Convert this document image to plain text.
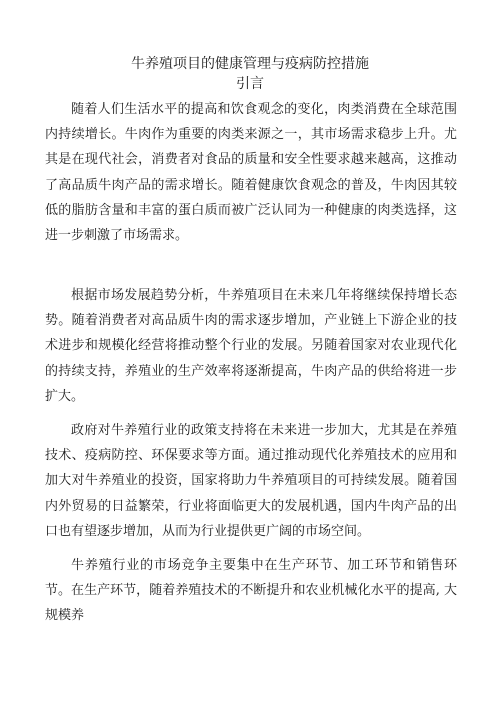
牛养殖项目的健康管理与疫病防控措施
引言

随着人们生活水平的提高和饮食观念的变化，肉类消费在全球范围内持续增长。牛肉作为重要的肉类来源之一，其市场需求稳步上升。尤其是在现代社会，消费者对食品的质量和安全性要求越来越高，这推动了高品质牛肉产品的需求增长。随着健康饮食观念的普及，牛肉因其较低的脂肪含量和丰富的蛋白质而被广泛认同为一种健康的肉类选择，这进一步刺激了市场需求。

根据市场发展趋势分析，牛养殖项目在未来几年将继续保持增长态势。随着消费者对高品质牛肉的需求逐步增加，产业链上下游企业的技术进步和规模化经营将推动整个行业的发展。另随着国家对农业现代化的持续支持，养殖业的生产效率将逐渐提高，牛肉产品的供给将进一步扩大。

政府对牛养殖行业的政策支持将在未来进一步加大，尤其是在养殖技术、疫病防控、环保要求等方面。通过推动现代化养殖技术的应用和加大对牛养殖业的投资，国家将助力牛养殖项目的可持续发展。随着国内外贸易的日益繁荣，行业将面临更大的发展机遇，国内牛肉产品的出口也有望逐步增加，从而为行业提供更广阔的市场空间。

牛养殖行业的市场竞争主要集中在生产环节、加工环节和销售环节。在生产环节，随着养殖技术的不断提升和农业机械化水平的提高, 大规模养
